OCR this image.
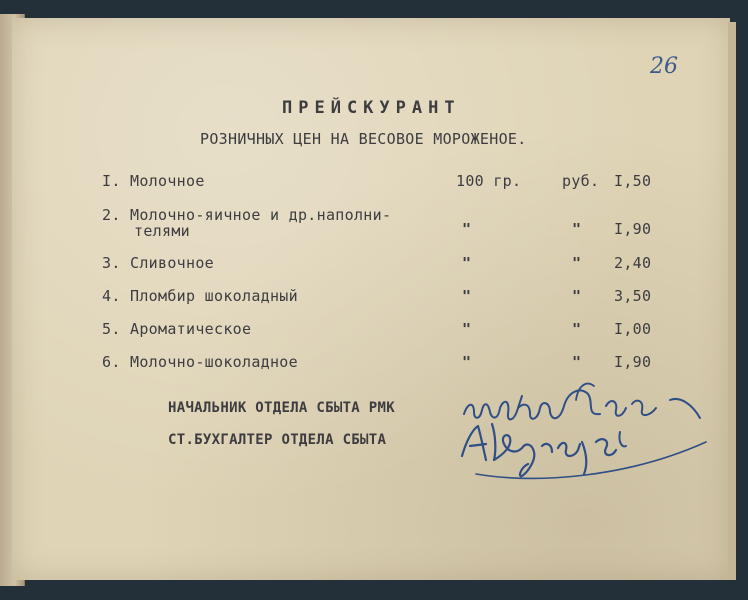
26
ПРЕЙСКУРАНТ
РОЗНИЧНЫХ ЦЕН НА ВЕСОВОЕ МОРОЖЕНОЕ.
I. Молочное	100 гр.	руб. I,50
2. Молочно-яичное и др.наполни-
телями	"	" I,90
3. Сливочное	"	" 2,40
4. Пломбир шоколадный	"	" 3,50
5. Ароматическое	"	" I,00
6. Молочно-шоколадное	"	" I,90
НАЧАЛЬНИК ОТДЕЛА СБЫТА РМК
СТ.БУХГАЛТЕР ОТДЕЛА СБЫТА
